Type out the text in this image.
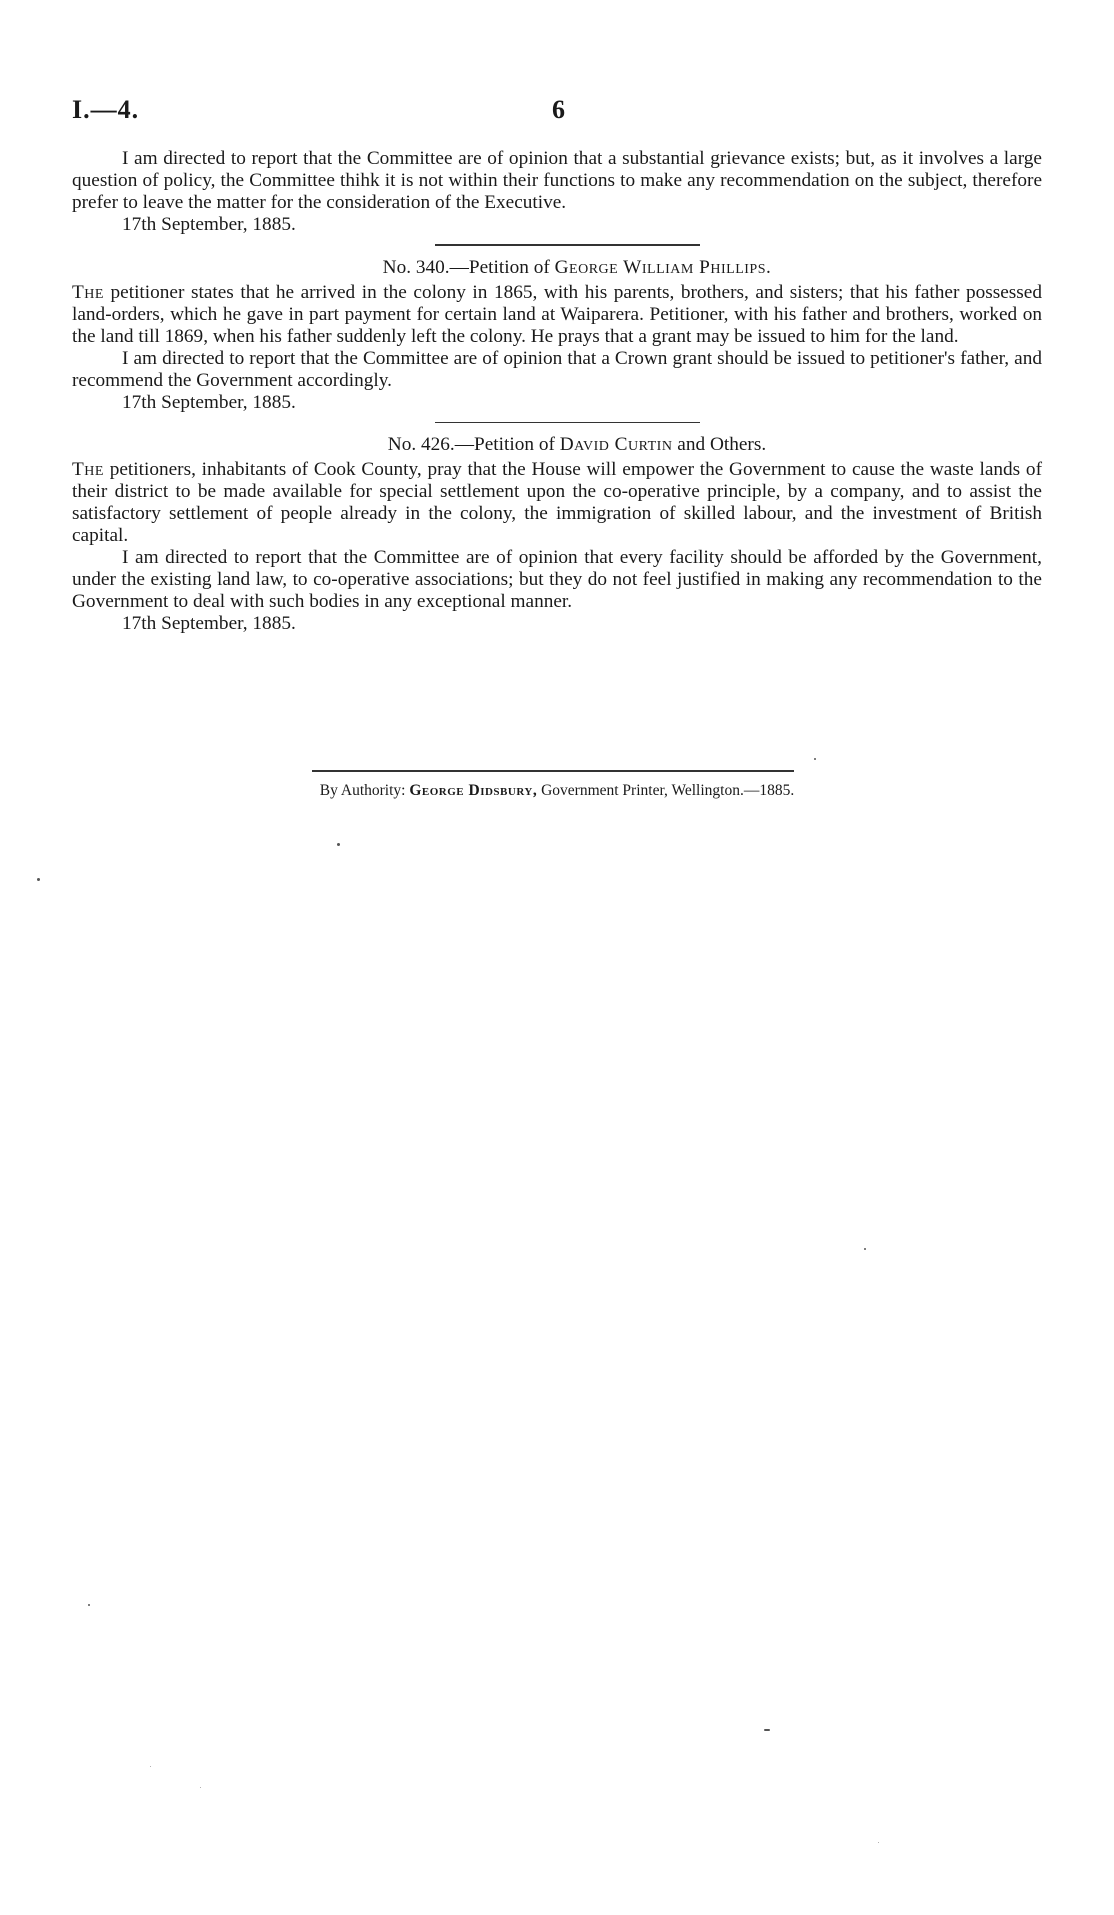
I.—4.	6

I am directed to report that the Committee are of opinion that a substantial grievance exists; but, as it involves a large question of policy, the Committee thihk it is not within their functions to make any recommendation on the subject, therefore prefer to leave the matter for the consideration of the Executive.

17th September, 1885.

No. 340.—Petition of George William Phillips.

The petitioner states that he arrived in the colony in 1865, with his parents, brothers, and sisters; that his father possessed land-orders, which he gave in part payment for certain land at Waiparera. Petitioner, with his father and brothers, worked on the land till 1869, when his father suddenly left the colony. He prays that a grant may be issued to him for the land.

I am directed to report that the Committee are of opinion that a Crown grant should be issued to petitioner's father, and recommend the Government accordingly.

17th September, 1885.

No. 426.—Petition of David Curtin and Others.

The petitioners, inhabitants of Cook County, pray that the House will empower the Government to cause the waste lands of their district to be made available for special settlement upon the co-operative principle, by a company, and to assist the satisfactory settlement of people already in the colony, the immigration of skilled labour, and the investment of British capital.

I am directed to report that the Committee are of opinion that every facility should be afforded by the Government, under the existing land law, to co-operative associations; but they do not feel justified in making any recommendation to the Government to deal with such bodies in any exceptional manner.

17th September, 1885.

By Authority: George Didsbury, Government Printer, Wellington.—1885.
